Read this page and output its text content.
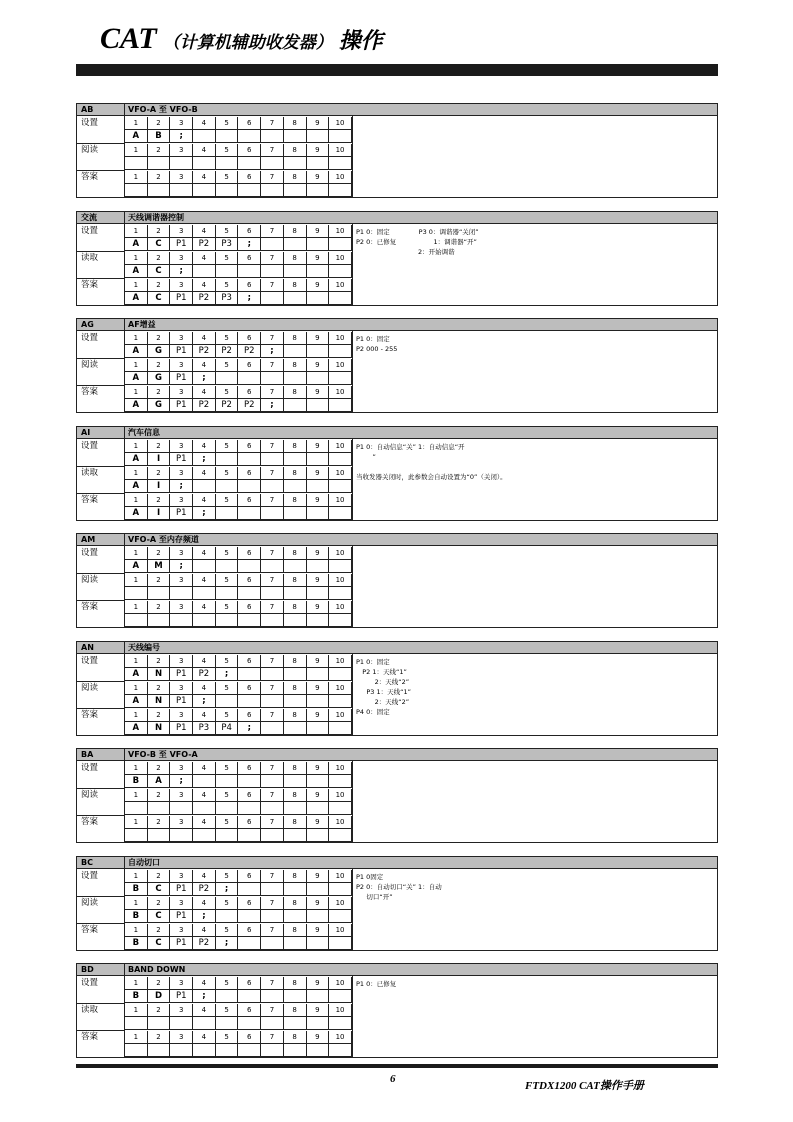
CAT （计算机辅助收发器） 操作
AB	VFO-A 至 VFO-B
设置	1	2	3	4	5	6	7	8	9	10
A	B	;
阅读	1	2	3	4	5	6	7	8	9	10
答案	1	2	3	4	5	6	7	8	9	10
交流	天线调谐器控制
设置	1	2	3	4	5	6	7	8	9	10
A	C	P1	P2	P3	;
读取	1	2	3	4	5	6	7	8	9	10
A	C	;
答案	1	2	3	4	5	6	7	8	9	10
A	C	P1	P2	P3	;
P1 0：固定              P3 0：调谐器“关闭”
P2 0：已修复                  1：调谐器“开”
2：开始调谐
AG	AF增益
设置	1	2	3	4	5	6	7	8	9	10
A	G	P1	P2	P2	P2	;
阅读	1	2	3	4	5	6	7	8	9	10
A	G	P1	;
答案	1	2	3	4	5	6	7	8	9	10
A	G	P1	P2	P2	P2	;
P1 0：固定
P2 000 - 255
AI	汽车信息
设置	1	2	3	4	5	6	7	8	9	10
A	I	P1	;
读取	1	2	3	4	5	6	7	8	9	10
A	I	;
答案	1	2	3	4	5	6	7	8	9	10
A	I	P1	;
P1 0：自动信息“关” 1：自动信息“开
”

当收发器关闭时，此参数会自动设置为“0”（关闭）。
AM	VFO-A 至内存频道
设置	1	2	3	4	5	6	7	8	9	10
A	M	;
阅读	1	2	3	4	5	6	7	8	9	10
答案	1	2	3	4	5	6	7	8	9	10
AN	天线编号
设置	1	2	3	4	5	6	7	8	9	10
A	N	P1	P2	;
阅读	1	2	3	4	5	6	7	8	9	10
A	N	P1	;
答案	1	2	3	4	5	6	7	8	9	10
A	N	P1	P3	P4	;
P1 0：固定
P2 1：天线“1”
2：天线“2”
P3 1：天线“1”
2：天线“2”
P4 0：固定
BA	VFO-B 至 VFO-A
设置	1	2	3	4	5	6	7	8	9	10
B	A	;
阅读	1	2	3	4	5	6	7	8	9	10
答案	1	2	3	4	5	6	7	8	9	10
BC	自动切口
设置	1	2	3	4	5	6	7	8	9	10
B	C	P1	P2	;
阅读	1	2	3	4	5	6	7	8	9	10
B	C	P1	;
答案	1	2	3	4	5	6	7	8	9	10
B	C	P1	P2	;
P1 0固定
P2 0：自动切口“关” 1：自动
切口“开”
BD	BAND DOWN
设置	1	2	3	4	5	6	7	8	9	10
B	D	P1	;
读取	1	2	3	4	5	6	7	8	9	10
答案	1	2	3	4	5	6	7	8	9	10
P1 0：已修复
6
FTDX1200 CAT操作手册
